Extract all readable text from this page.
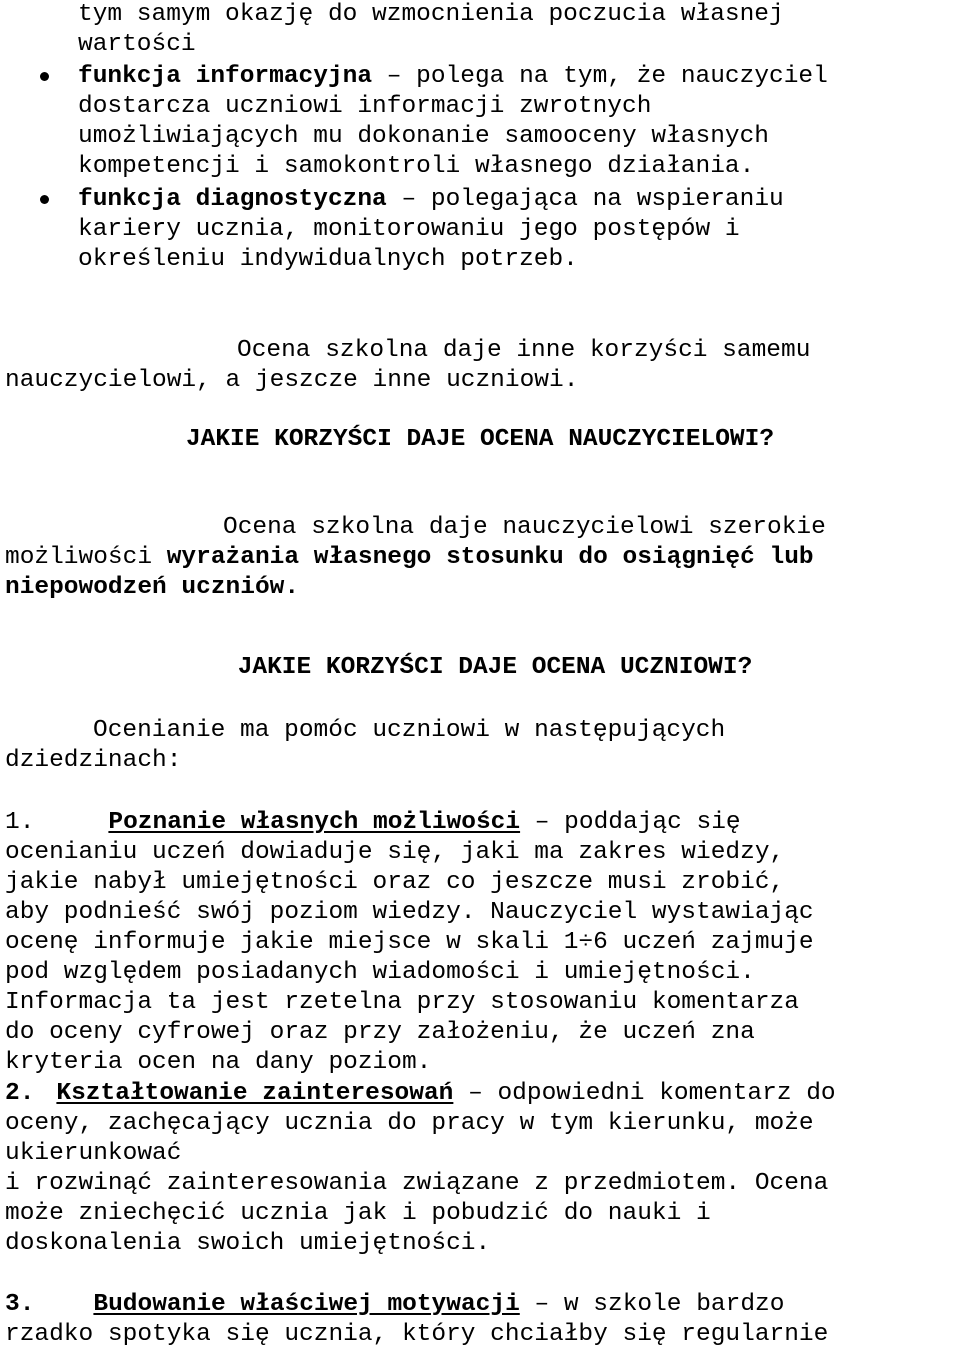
tym samym okazję do wzmocnienia poczucia własnej
wartości
funkcja informacyjna – polega na tym, że nauczyciel
dostarcza uczniowi informacji zwrotnych
umożliwiających mu dokonanie samooceny własnych
kompetencji i samokontroli własnego działania.
funkcja diagnostyczna – polegająca na wspieraniu
kariery ucznia, monitorowaniu jego postępów i
określeniu indywidualnych potrzeb.
Ocena szkolna daje inne korzyści samemu
nauczycielowi, a jeszcze inne uczniowi.
JAKIE KORZYŚCI DAJE OCENA NAUCZYCIELOWI?
Ocena szkolna daje nauczycielowi szerokie
możliwości wyrażania własnego stosunku do osiągnięć lub
niepowodzeń uczniów.
JAKIE KORZYŚCI DAJE OCENA UCZNIOWI?
Ocenianie ma pomóc uczniowi w następujących
dziedzinach:
1.	Poznanie własnych możliwości – poddając się
ocenianiu uczeń dowiaduje się, jaki ma zakres wiedzy,
jakie nabył umiejętności oraz co jeszcze musi zrobić,
aby podnieść swój poziom wiedzy. Nauczyciel wystawiając
ocenę informuje jakie miejsce w skali 1÷6 uczeń zajmuje
pod względem posiadanych wiadomości i umiejętności.
Informacja ta jest rzetelna przy stosowaniu komentarza
do oceny cyfrowej oraz przy założeniu, że uczeń zna
kryteria ocen na dany poziom.
2. Kształtowanie zainteresowań – odpowiedni komentarz do
oceny, zachęcający ucznia do pracy w tym kierunku, może
ukierunkować
i rozwinąć zainteresowania związane z przedmiotem. Ocena
może zniechęcić ucznia jak i pobudzić do nauki i
doskonalenia swoich umiejętności.
3. Budowanie właściwej motywacji – w szkole bardzo
rzadko spotyka się ucznia, który chciałby się regularnie
